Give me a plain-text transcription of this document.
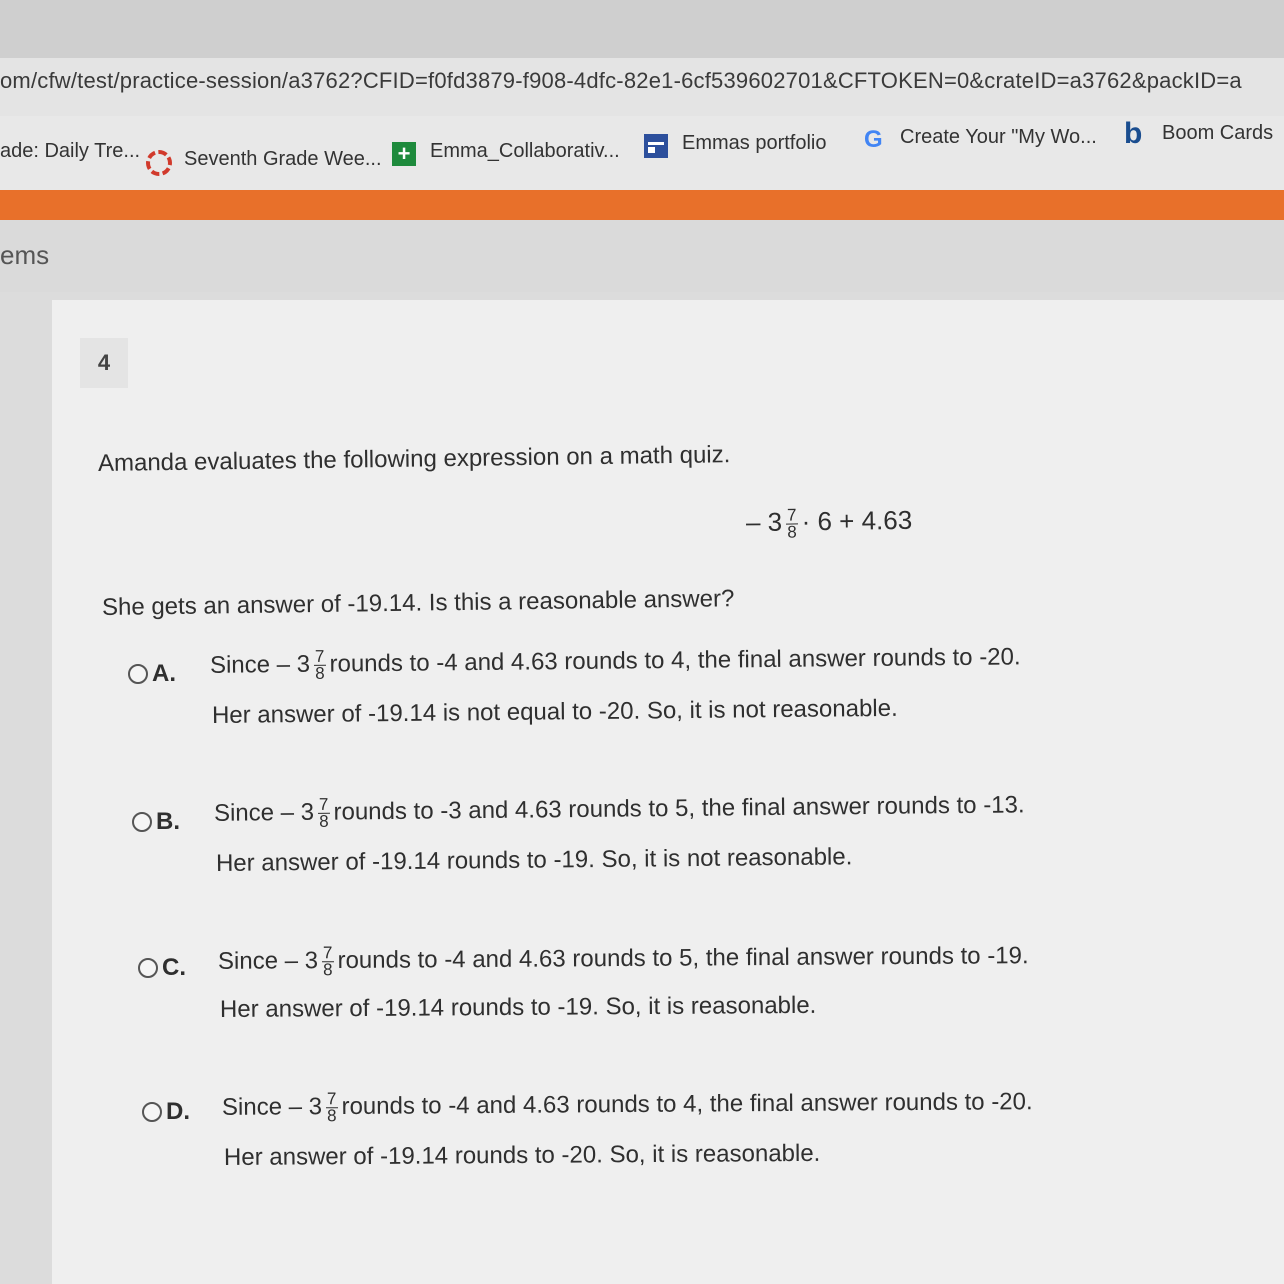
om/cfw/test/practice-session/a3762?CFID=f0fd3879-f908-4dfc-82e1-6cf539602701&CFTOKEN=0&crateID=a3762&packID=a
ade: Daily Tre... Seventh Grade Wee... + Emma_Collaborativ...	Emmas portfolio G Create Your "My Wo... b Boom Cards
ems
4
Amanda evaluates the following expression on a math quiz.
– $3 \frac{7}{8} \cdot 6 + 4.63$
She gets an answer of -19.14. Is this a reasonable answer?
A. Since – $3 \frac{7}{8}$ rounds to -4 and 4.63 rounds to 4, the final answer rounds to -20.
Her answer of -19.14 is not equal to -20. So, it is not reasonable.
B. Since – $3 \frac{7}{8}$ rounds to -3 and 4.63 rounds to 5, the final answer rounds to -13.
Her answer of -19.14 rounds to -19. So, it is not reasonable.
C. Since – $3 \frac{7}{8}$ rounds to -4 and 4.63 rounds to 5, the final answer rounds to -19.
Her answer of -19.14 rounds to -19. So, it is reasonable.
D. Since – $3 \frac{7}{8}$ rounds to -4 and 4.63 rounds to 4, the final answer rounds to -20.
Her answer of -19.14 rounds to -20. So, it is reasonable.
